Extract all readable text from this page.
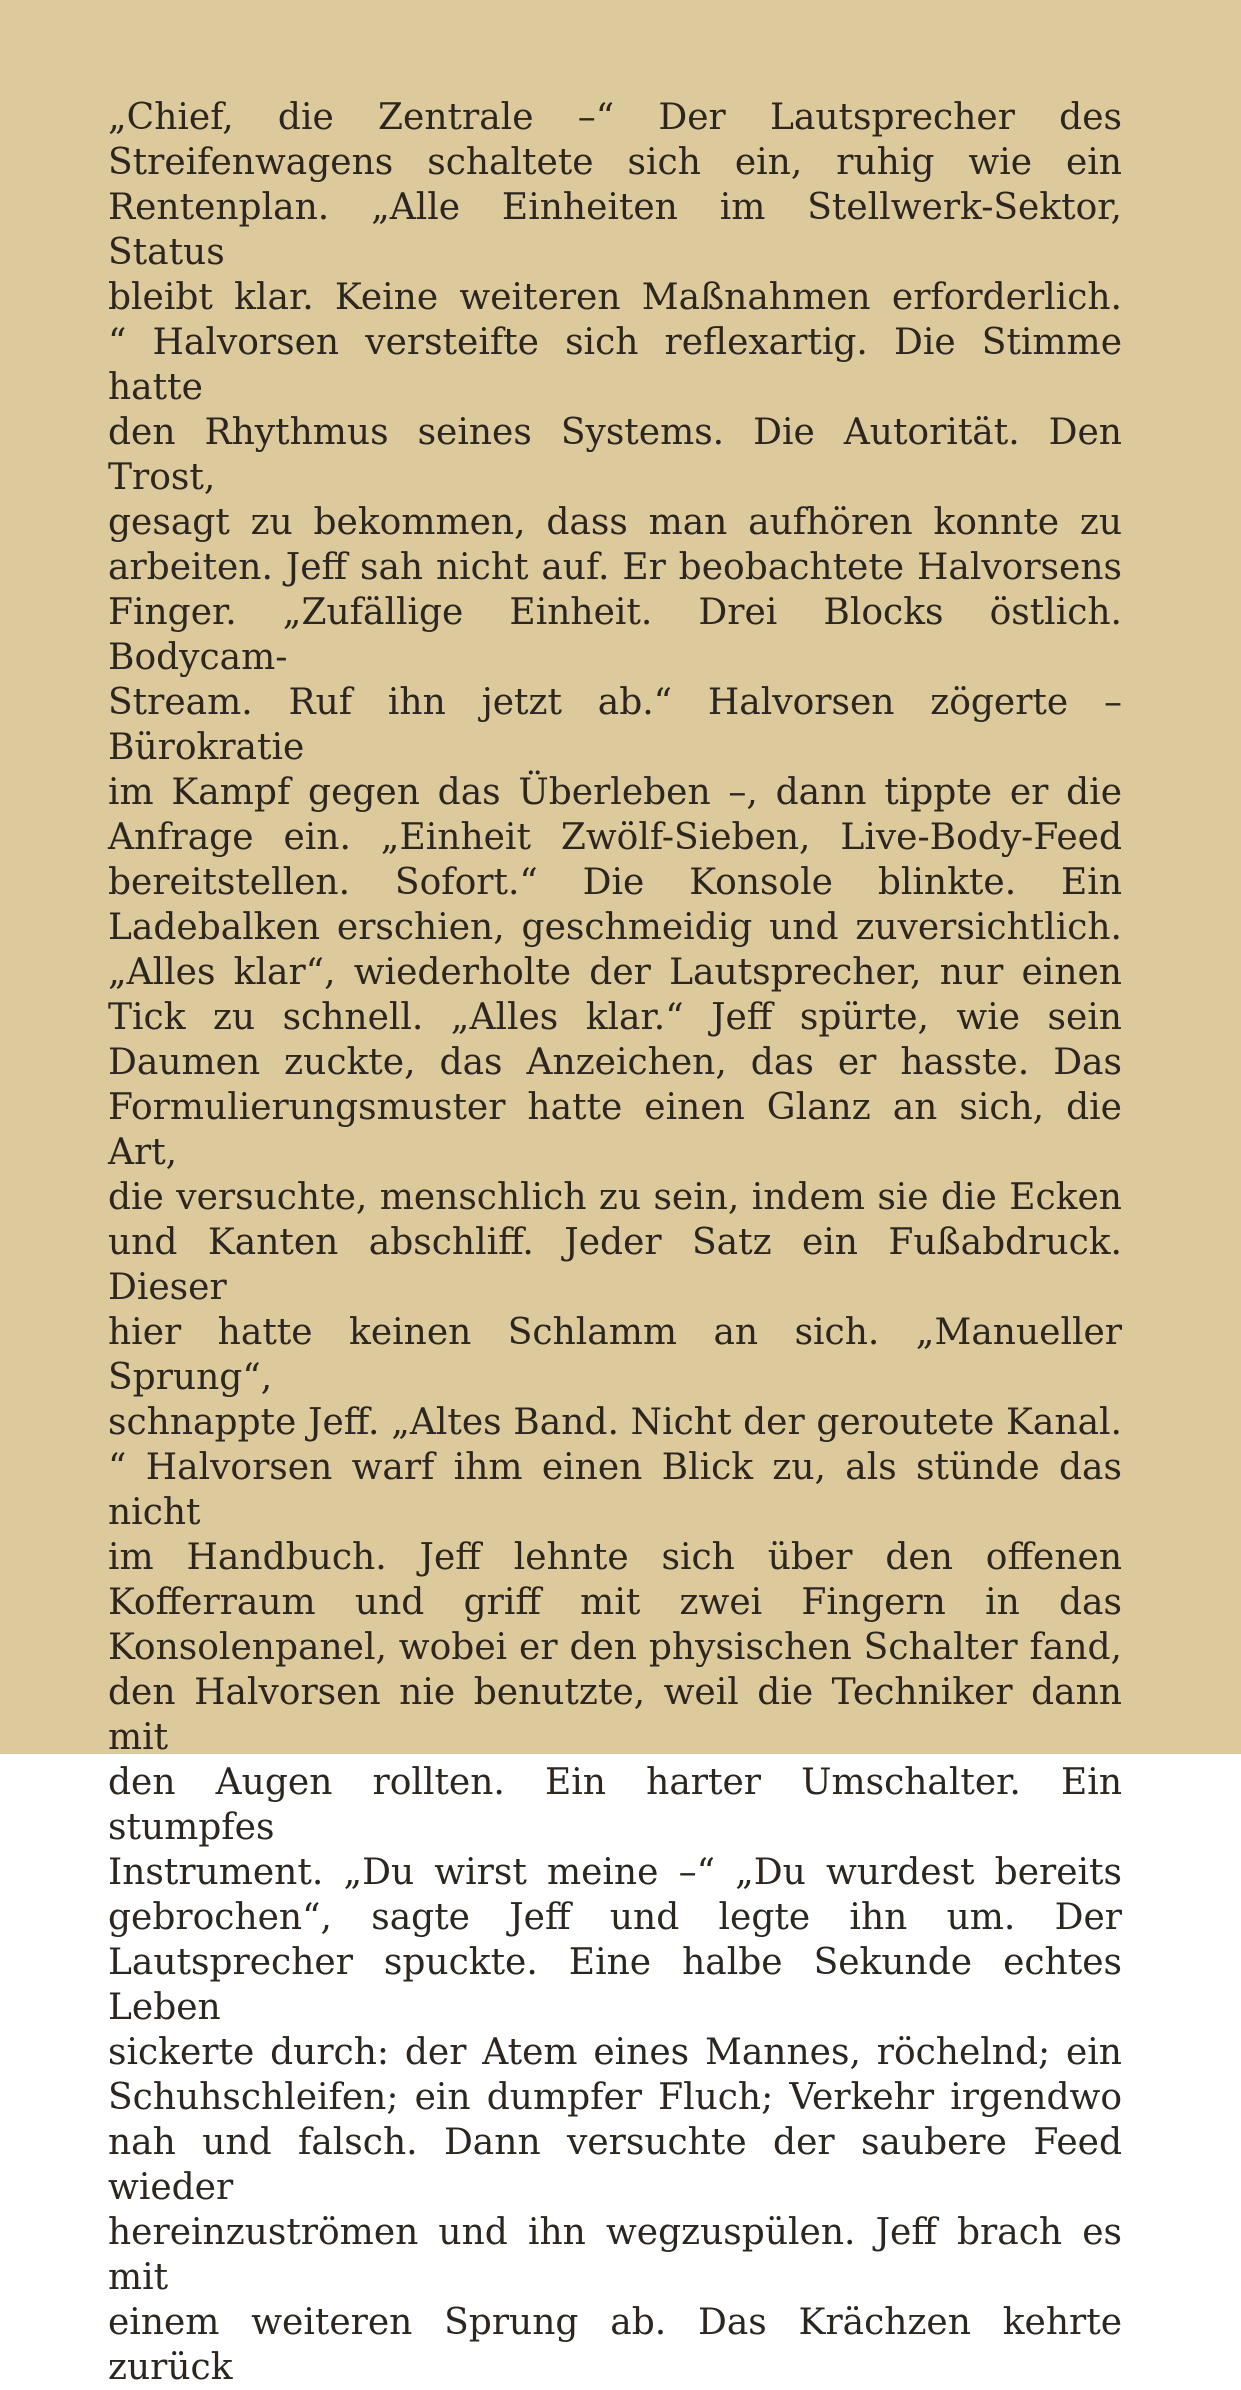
„Chief, die Zentrale –“ Der Lautsprecher des
Streifenwagens schaltete sich ein, ruhig wie ein
Rentenplan. „Alle Einheiten im Stellwerk-Sektor, Status
bleibt klar. Keine weiteren Maßnahmen erforderlich.
“ Halvorsen versteifte sich reflexartig. Die Stimme hatte
den Rhythmus seines Systems. Die Autorität. Den Trost,
gesagt zu bekommen, dass man aufhören konnte zu
arbeiten. Jeff sah nicht auf. Er beobachtete Halvorsens
Finger. „Zufällige Einheit. Drei Blocks östlich. Bodycam-
Stream. Ruf ihn jetzt ab.“ Halvorsen zögerte – Bürokratie
im Kampf gegen das Überleben –, dann tippte er die
Anfrage ein. „Einheit Zwölf-Sieben, Live-Body-Feed
bereitstellen. Sofort.“ Die Konsole blinkte. Ein
Ladebalken erschien, geschmeidig und zuversichtlich.
„Alles klar“, wiederholte der Lautsprecher, nur einen
Tick zu schnell. „Alles klar.“ Jeff spürte, wie sein
Daumen zuckte, das Anzeichen, das er hasste. Das
Formulierungsmuster hatte einen Glanz an sich, die Art,
die versuchte, menschlich zu sein, indem sie die Ecken
und Kanten abschliff. Jeder Satz ein Fußabdruck. Dieser
hier hatte keinen Schlamm an sich. „Manueller Sprung“,
schnappte Jeff. „Altes Band. Nicht der geroutete Kanal.
“ Halvorsen warf ihm einen Blick zu, als stünde das nicht
im Handbuch. Jeff lehnte sich über den offenen
Kofferraum und griff mit zwei Fingern in das
Konsolenpanel, wobei er den physischen Schalter fand,
den Halvorsen nie benutzte, weil die Techniker dann mit
den Augen rollten. Ein harter Umschalter. Ein stumpfes
Instrument. „Du wirst meine –“ „Du wurdest bereits
gebrochen“, sagte Jeff und legte ihn um. Der
Lautsprecher spuckte. Eine halbe Sekunde echtes Leben
sickerte durch: der Atem eines Mannes, röchelnd; ein
Schuhschleifen; ein dumpfer Fluch; Verkehr irgendwo
nah und falsch. Dann versuchte der saubere Feed wieder
hereinzuströmen und ihn wegzuspülen. Jeff brach es mit
einem weiteren Sprung ab. Das Krächzen kehrte zurück
